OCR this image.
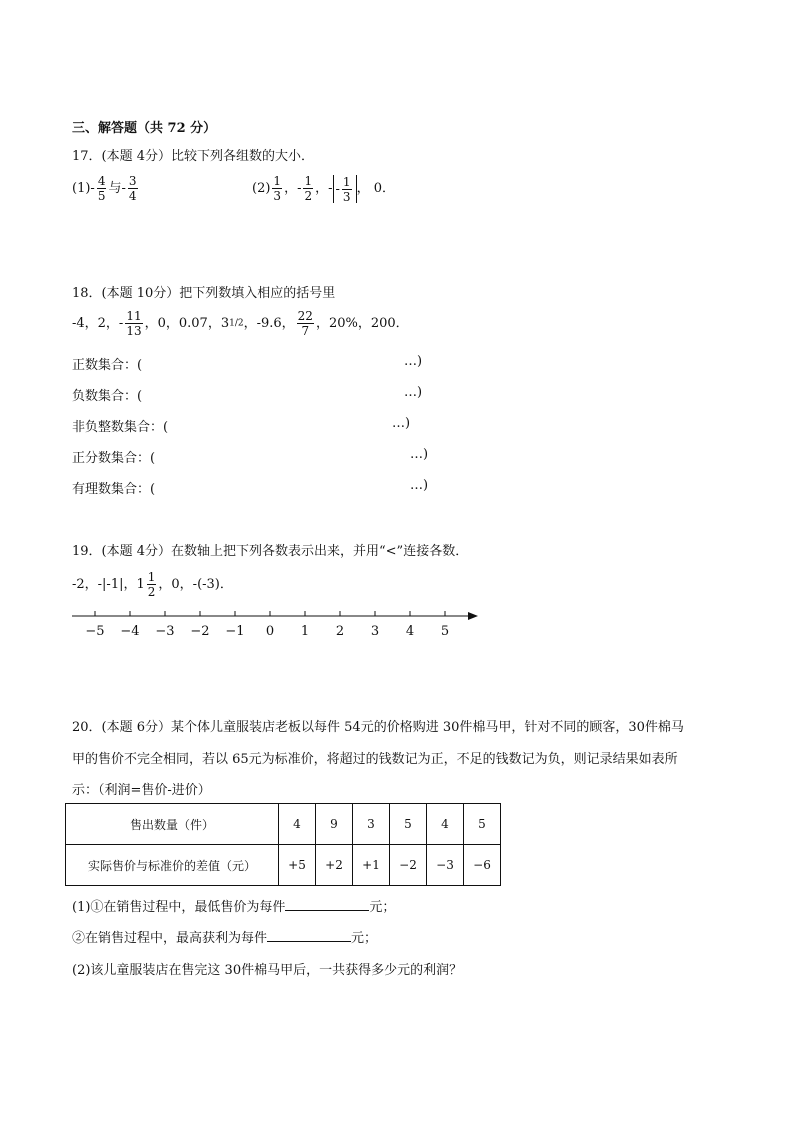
三、解答题（共 72 分）
17．(本题 4分）比较下列各组数的大小．
$(1)- \frac{4}{5}$ 与- $\frac{3}{4}$	$(2) \frac{1}{3}$ ，- $\frac{1}{2}$ ，- - $\frac{1}{3}$ ， 0．
18．(本题 10分）把下列数填入相应的括号里
-4，2，- $\frac{11}{13}$ ，0，0.07，31/2，-9.6， $\frac{22}{7}$ ，20%，200．
正数集合：(	…)
负数集合：(	…)
非负整数集合：(	…)
正分数集合：(	…)
有理数集合：(	…)
19．(本题 4分）在数轴上把下列各数表示出来，并用“<”连接各数．
-2，-|-1|，$1 \frac{1}{2}$ ，0，-(-3)．
−5 −4 −3 −2 −1 0 1 2 3 4 5
20．(本题 6分）某个体儿童服装店老板以每件 54元的价格购进 30件棉马甲，针对不同的顾客，30件棉马
甲的售价不完全相同，若以 65元为标准价，将超过的钱数记为正，不足的钱数记为负，则记录结果如表所
示：（利润=售价-进价）
售出数量（件）	4	9	3	5	4	5
实际售价与标准价的差值（元）	+5	+2	+1	−2	−3	−6
(1)①在销售过程中，最低售价为每件	元；
②在销售过程中，最高获利为每件	元；
(2)该儿童服装店在售完这 30件棉马甲后，一共获得多少元的利润？
